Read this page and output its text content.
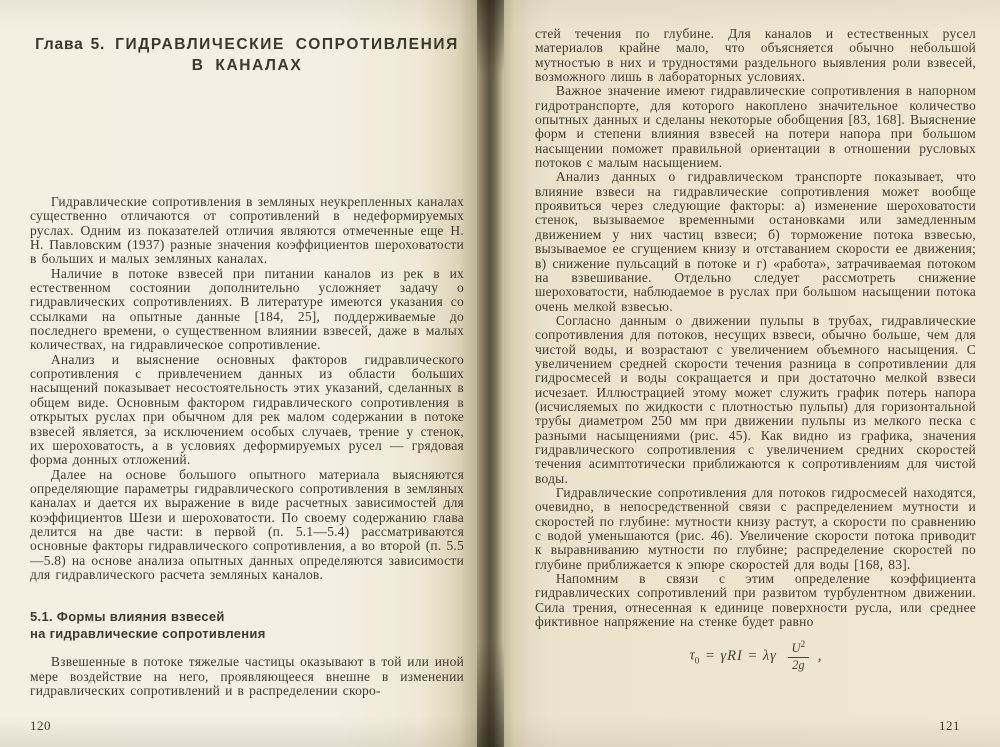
Глава 5. ГИДРАВЛИЧЕСКИЕ СОПРОТИВЛЕНИЯ
В КАНАЛАХ

Гидравлические сопротивления в земляных неукрепленных каналах существенно отличаются от сопротивлений в недеформируемых руслах. Одним из показателей отличия являются отмеченные еще Н. Н. Павловским (1937) разные значения коэффициентов шероховатости в больших и малых земляных каналах.

Наличие в потоке взвесей при питании каналов из рек в их естественном состоянии дополнительно усложняет задачу о гидравлических сопротивлениях. В литературе имеются указания со ссылками на опытные данные [184, 25], поддерживаемые до последнего времени, о существенном влиянии взвесей, даже в малых количествах, на гидравлическое сопротивление.

Анализ и выяснение основных факторов гидравлического сопротивления с привлечением данных из области больших насыщений показывает несостоятельность этих указаний, сделанных в общем виде. Основным фактором гидравлического сопротивления в открытых руслах при обычном для рек малом содержании в потоке взвесей является, за исключением особых случаев, трение у стенок, их шероховатость, а в условиях деформируемых русел — грядовая форма донных отложений.

Далее на основе большого опытного материала выясняются определяющие параметры гидравлического сопротивления в земляных каналах и дается их выражение в виде расчетных зависимостей для коэффициентов Шези и шероховатости. По своему содержанию глава делится на две части: в первой (п. 5.1—5.4) рассматриваются основные факторы гидравлического сопротивления, а во второй (п. 5.5—5.8) на основе анализа опытных данных определяются зависимости для гидравлического расчета земляных каналов.

5.1. Формы влияния взвесей
на гидравлические сопротивления

Взвешенные в потоке тяжелые частицы оказывают в той или иной мере воздействие на него, проявляющееся внешне в изменении гидравлических сопротивлений и в распределении скоро-

120

стей течения по глубине. Для каналов и естественных русел материалов крайне мало, что объясняется обычно небольшой мутностью в них и трудностями раздельного выявления роли взвесей, возможного лишь в лабораторных условиях.

Важное значение имеют гидравлические сопротивления в напорном гидротранспорте, для которого накоплено значительное количество опытных данных и сделаны некоторые обобщения [83, 168]. Выяснение форм и степени влияния взвесей на потери напора при большом насыщении поможет правильной ориентации в отношении русловых потоков с малым насыщением.

Анализ данных о гидравлическом транспорте показывает, что влияние взвеси на гидравлические сопротивления может вообще проявиться через следующие факторы: а) изменение шероховатости стенок, вызываемое временными остановками или замедленным движением у них частиц взвеси; б) торможение потока взвесью, вызываемое ее сгущением книзу и отставанием скорости ее движения; в) снижение пульсаций в потоке и г) «работа», затрачиваемая потоком на взвешивание. Отдельно следует рассмотреть снижение шероховатости, наблюдаемое в руслах при большом насыщении потока очень мелкой взвесью.

Согласно данным о движении пульпы в трубах, гидравлические сопротивления для потоков, несущих взвеси, обычно больше, чем для чистой воды, и возрастают с увеличением объемного насыщения. С увеличением средней скорости течения разница в сопротивлении для гидросмесей и воды сокращается и при достаточно мелкой взвеси исчезает. Иллюстрацией этому может служить график потерь напора (исчисляемых по жидкости с плотностью пульпы) для горизонтальной трубы диаметром 250 мм при движении пульпы из мелкого песка с разными насыщениями (рис. 45). Как видно из графика, значения гидравлического сопротивления с увеличением средних скоростей течения асимптотически приближаются к сопротивлениям для чистой воды.

Гидравлические сопротивления для потоков гидросмесей находятся, очевидно, в непосредственной связи с распределением мутности и скоростей по глубине: мутности книзу растут, а скорости по сравнению с водой уменьшаются (рис. 46). Увеличение скорости потока приводит к выравниванию мутности по глубине; распределение скоростей по глубине приближается к эпюре скоростей для воды [168, 83].

Напомним в связи с этим определение коэффициента гидравлических сопротивлений при развитом турбулентном движении. Сила трения, отнесенная к единице поверхности русла, или среднее фиктивное напряжение на стенке будет равно

$\tau_0 = \gamma RI = \lambda\gamma \frac{U^2}{2g}$ ,
121
